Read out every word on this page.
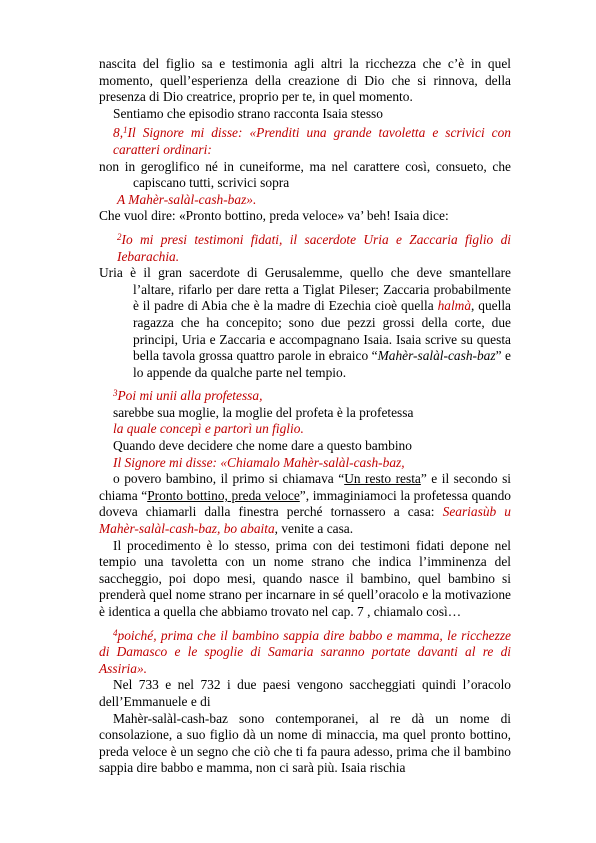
nascita del figlio sa e testimonia agli altri la ricchezza che c’è in quel momento, quell’esperienza della creazione di Dio che si rinnova, della presenza di Dio creatrice, proprio per te, in quel momento.

Sentiamo che episodio strano racconta Isaia stesso

8,$^1$Il Signore mi disse: «Prenditi una grande tavoletta e scrivici con caratteri ordinari:

non in geroglifico né in cuneiforme, ma nel carattere così, consueto, che capiscano tutti, scrivici sopra

A Mahèr-salàl-cash-baz».

Che vuol dire: «Pronto bottino, preda veloce» va’ beh! Isaia dice:

$^2$Io mi presi testimoni fidati, il sacerdote Uria e Zaccaria figlio di Iebarachia.

Uria è il gran sacerdote di Gerusalemme, quello che deve smantellare l’altare, rifarlo per dare retta a Tiglat Pileser; Zaccaria probabilmente è il padre di Abia che è la madre di Ezechia cioè quella halmà, quella ragazza che ha concepito; sono due pezzi grossi della corte, due principi, Uria e Zaccaria e accompagnano Isaia. Isaia scrive su questa bella tavola grossa quattro parole in ebraico “Mahèr-salàl-cash-baz” e lo appende da qualche parte nel tempio.

$^3$Poi mi unii alla profetessa,

sarebbe sua moglie, la moglie del profeta è la profetessa

la quale concepì e partorì un figlio.

Quando deve decidere che nome dare a questo bambino

Il Signore mi disse: «Chiamalo Mahèr-salàl-cash-baz,

o povero bambino, il primo si chiamava “Un resto resta” e il secondo si chiama “Pronto bottino, preda veloce”, immaginiamoci la profetessa quando doveva chiamarli dalla finestra perché tornassero a casa: Seariasùb u Mahèr-salàl-cash-baz, bo abaita, venite a casa.

Il procedimento è lo stesso, prima con dei testimoni fidati depone nel tempio una tavoletta con un nome strano che indica l’imminenza del saccheggio, poi dopo mesi, quando nasce il bambino, quel bambino si prenderà quel nome strano per incarnare in sé quell’oracolo e la motivazione è identica a quella che abbiamo trovato nel cap. 7 , chiamalo così…

$^4$poiché, prima che il bambino sappia dire babbo e mamma, le ricchezze di Damasco e le spoglie di Samaria saranno portate davanti al re di Assiria».

Nel 733 e nel 732 i due paesi vengono saccheggiati quindi l’oracolo dell’Emmanuele e di

Mahèr-salàl-cash-baz sono contemporanei, al re dà un nome di consolazione, a suo figlio dà un nome di minaccia, ma quel pronto bottino, preda veloce è un segno che ciò che ti fa paura adesso, prima che il bambino sappia dire babbo e mamma, non ci sarà più. Isaia rischia
